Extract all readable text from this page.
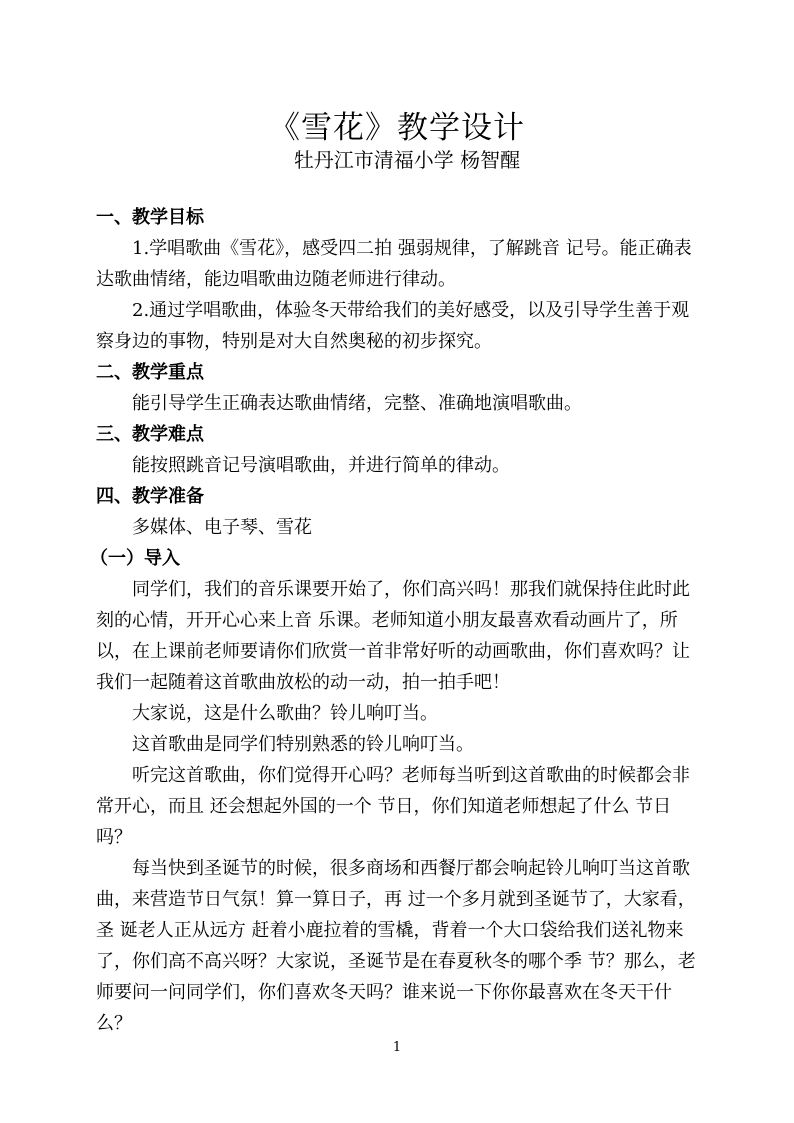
《雪花》教学设计
牡丹江市清福小学 杨智醒

一、教学目标

1.学唱歌曲《雪花》，感受四二拍 强弱规律，了解跳音 记号。能正确表达歌曲情绪，能边唱歌曲边随老师进行律动。

2.通过学唱歌曲，体验冬天带给我们的美好感受，以及引导学生善于观察身边的事物，特别是对大自然奥秘的初步探究。

二、教学重点

能引导学生正确表达歌曲情绪，完整、准确地演唱歌曲。

三、教学难点

能按照跳音记号演唱歌曲，并进行简单的律动。

四、教学准备

多媒体、电子琴、雪花

（一）导入

同学们，我们的音乐课要开始了，你们高兴吗！那我们就保持住此时此刻的心情，开开心心来上音 乐课。老师知道小朋友最喜欢看动画片了，所以，在上课前老师要请你们欣赏一首非常好听的动画歌曲，你们喜欢吗？让我们一起随着这首歌曲放松的动一动，拍一拍手吧！

大家说，这是什么歌曲？铃儿响叮当。

这首歌曲是同学们特别熟悉的铃儿响叮当。

听完这首歌曲，你们觉得开心吗？老师每当听到这首歌曲的时候都会非常开心，而且 还会想起外国的一个 节日，你们知道老师想起了什么 节日吗？

每当快到圣诞节的时候，很多商场和西餐厅都会响起铃儿响叮当这首歌曲，来营造节日气氛！算一算日子，再 过一个多月就到圣诞节了，大家看，圣 诞老人正从远方 赶着小鹿拉着的雪橇，背着一个大口袋给我们送礼物来了，你们高不高兴呀？大家说，圣诞节是在春夏秋冬的哪个季 节？那么，老师要问一问同学们，你们喜欢冬天吗？谁来说一下你你最喜欢在冬天干什么？

1
